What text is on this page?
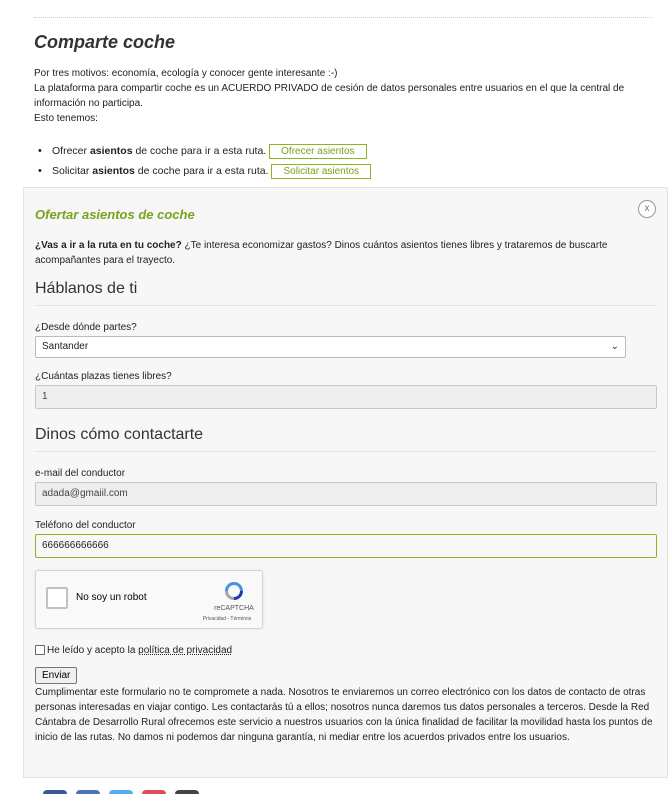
Comparte coche
Por tres motivos: economía, ecología y conocer gente interesante :-)
La plataforma para compartir coche es un ACUERDO PRIVADO de cesión de datos personales entre usuarios en el que la central de información no participa.
Esto tenemos:
• Ofrecer asientos de coche para ir a esta ruta. Ofrecer asientos
• Solicitar asientos de coche para ir a esta ruta. Solicitar asientos
Ofertar asientos de coche	x
¿Vas a ir a la ruta en tu coche? ¿Te interesa economizar gastos? Dinos cuántos asientos tienes libres y trataremos de buscarte acompañantes para el trayecto.
Háblanos de ti
¿Desde dónde partes?
Santander	⌄
¿Cuántas plazas tienes libres?
1
Dinos cómo contactarte
e-mail del conductor
adada@gmaiil.com
Teléfono del conductor
666666666666
No soy un robot
reCAPTCHA
Privacidad - Términos
He leído y acepto la política de privacidad
Enviar
Cumplimentar este formulario no te compromete a nada. Nosotros te enviaremos un correo electrónico con los datos de contacto de otras personas interesadas en viajar contigo. Les contactarás tú a ellos; nosotros nunca daremos tus datos personales a terceros. Desde la Red Cántabra de Desarrollo Rural ofrecemos este servicio a nuestros usuarios con la única finalidad de facilitar la movilidad hasta los puntos de inicio de las rutas. No damos ni podemos dar ninguna garantía, ni mediar entre los acuerdos privados entre los usuarios.
